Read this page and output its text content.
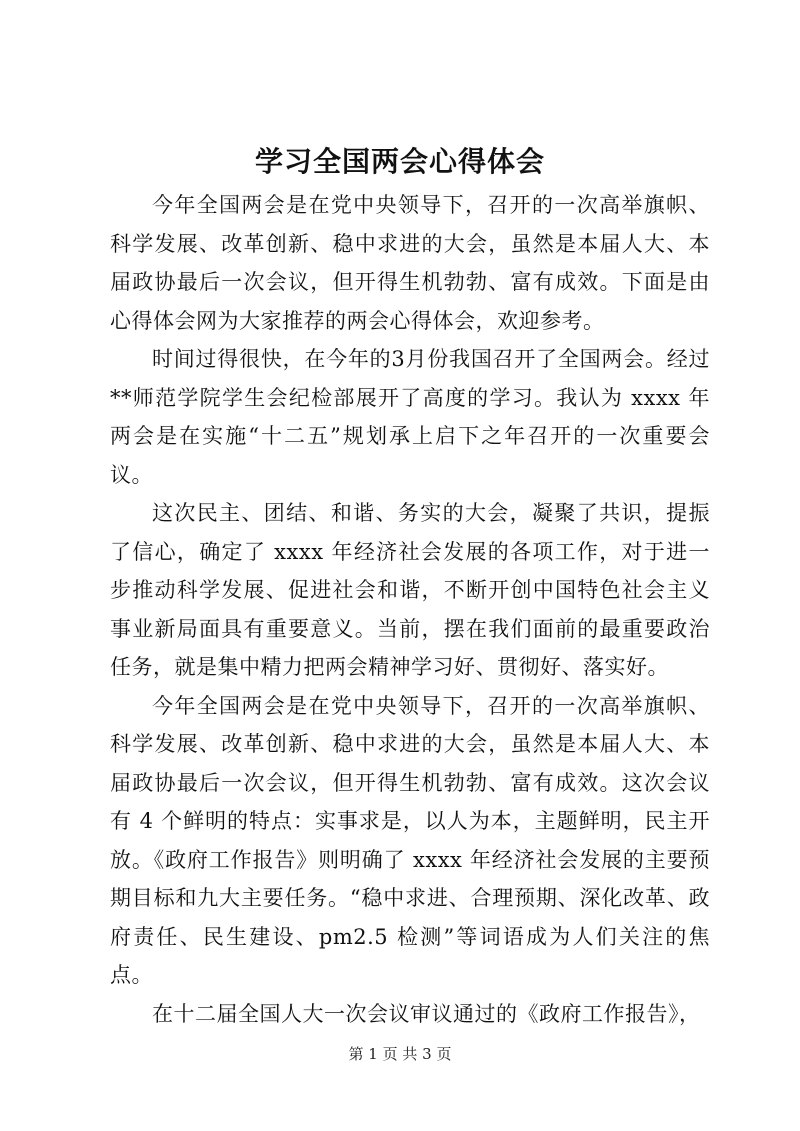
学习全国两会心得体会

今年全国两会是在党中央领导下，召开的一次高举旗帜、科学发展、改革创新、稳中求进的大会，虽然是本届人大、本届政协最后一次会议，但开得生机勃勃、富有成效。下面是由心得体会网为大家推荐的两会心得体会，欢迎参考。

时间过得很快，在今年的3月份我国召开了全国两会。经过**师范学院学生会纪检部展开了高度的学习。我认为 xxxx 年两会是在实施“十二五”规划承上启下之年召开的一次重要会议。

这次民主、团结、和谐、务实的大会，凝聚了共识，提振了信心，确定了 xxxx 年经济社会发展的各项工作，对于进一步推动科学发展、促进社会和谐，不断开创中国特色社会主义事业新局面具有重要意义。当前，摆在我们面前的最重要政治任务，就是集中精力把两会精神学习好、贯彻好、落实好。

今年全国两会是在党中央领导下，召开的一次高举旗帜、科学发展、改革创新、稳中求进的大会，虽然是本届人大、本届政协最后一次会议，但开得生机勃勃、富有成效。这次会议有 4 个鲜明的特点：实事求是，以人为本，主题鲜明，民主开放。《政府工作报告》则明确了 xxxx 年经济社会发展的主要预期目标和九大主要任务。“稳中求进、合理预期、深化改革、政府责任、民生建设、pm2.5 检测”等词语成为人们关注的焦点。

在十二届全国人大一次会议审议通过的《政府工作报告》，

第 1 页 共 3 页
